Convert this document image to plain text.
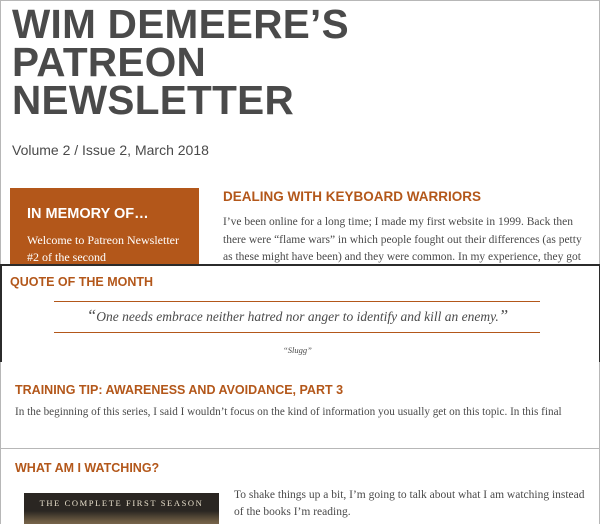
WIM DEMEERE’S PATREON NEWSLETTER
Volume 2 / Issue 2, March 2018
IN MEMORY OF…
Welcome to Patreon Newsletter #2 of the second
DEALING WITH KEYBOARD WARRIORS

I’ve been online for a long time; I made my first website in 1999. Back then there were “flame wars” in which people fought out their differences (as petty as these might have been) and they were common. In my experience, they got

QUOTE OF THE MONTH
“One needs embrace neither hatred nor anger to identify and kill an enemy.”
“Slugg”
TRAINING TIP: AWARENESS AND AVOIDANCE, PART 3
In the beginning of this series, I said I wouldn’t focus on the kind of information you usually get on this topic. In this final
WHAT AM I WATCHING?
THE COMPLETE FIRST SEASON
To shake things up a bit, I’m going to talk about what I am watching instead of the books I’m reading.
